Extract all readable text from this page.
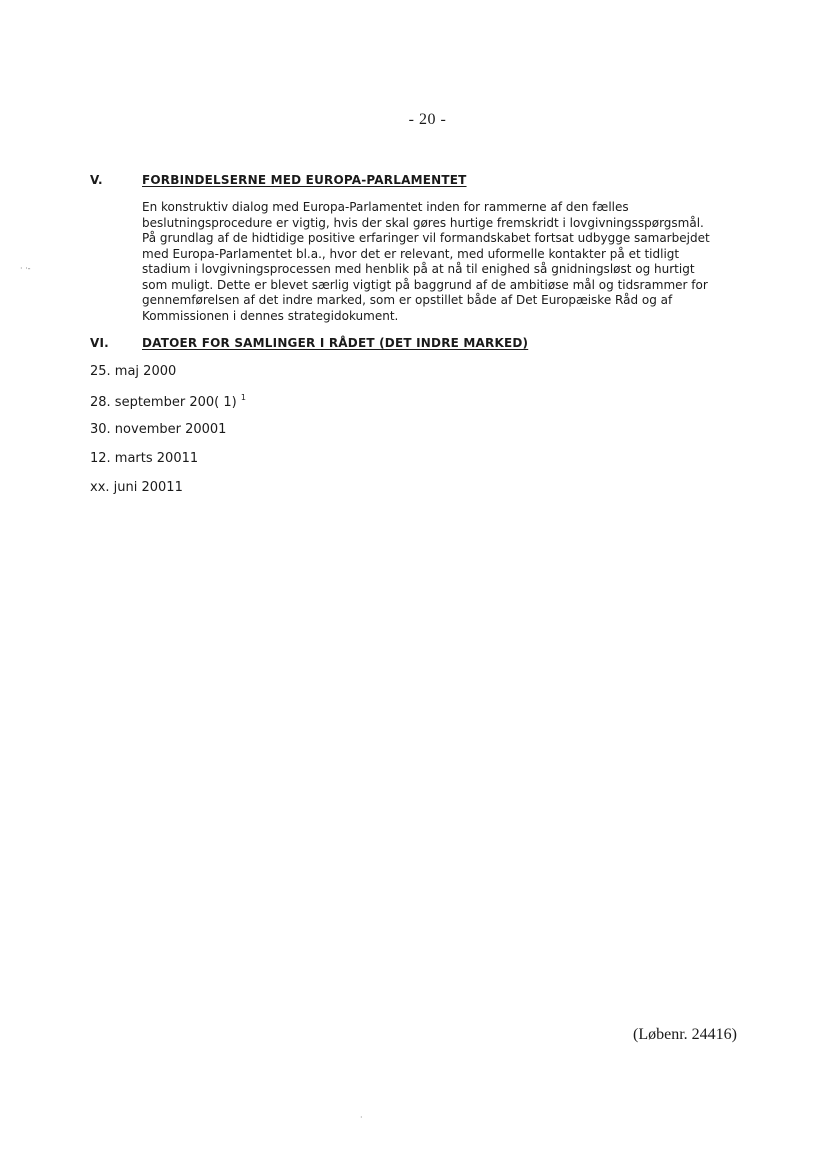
- 20 -
V.	FORBINDELSERNE MED EUROPA-PARLAMENTET
En konstruktiv dialog med Europa-Parlamentet inden for rammerne af den fælles
beslutningsprocedure er vigtig, hvis der skal gøres hurtige fremskridt i lovgivningsspørgsmål.
På grundlag af de hidtidige positive erfaringer vil formandskabet fortsat udbygge samarbejdet
med Europa-Parlamentet bl.a., hvor det er relevant, med uformelle kontakter på et tidligt
stadium i lovgivningsprocessen med henblik på at nå til enighed så gnidningsløst og hurtigt
som muligt. Dette er blevet særlig vigtigt på baggrund af de ambitiøse mål og tidsrammer for
gennemførelsen af det indre marked, som er opstillet både af Det Europæiske Råd og af
Kommissionen i dennes strategidokument.
VI.	DATOER FOR SAMLINGER I RÅDET (DET INDRE MARKED)
25. maj 2000
28. september 200( 1) $^1$
30. november 20001
12. marts 20011
xx. juni 20011
· ·-
·
(Løbenr. 24416)
